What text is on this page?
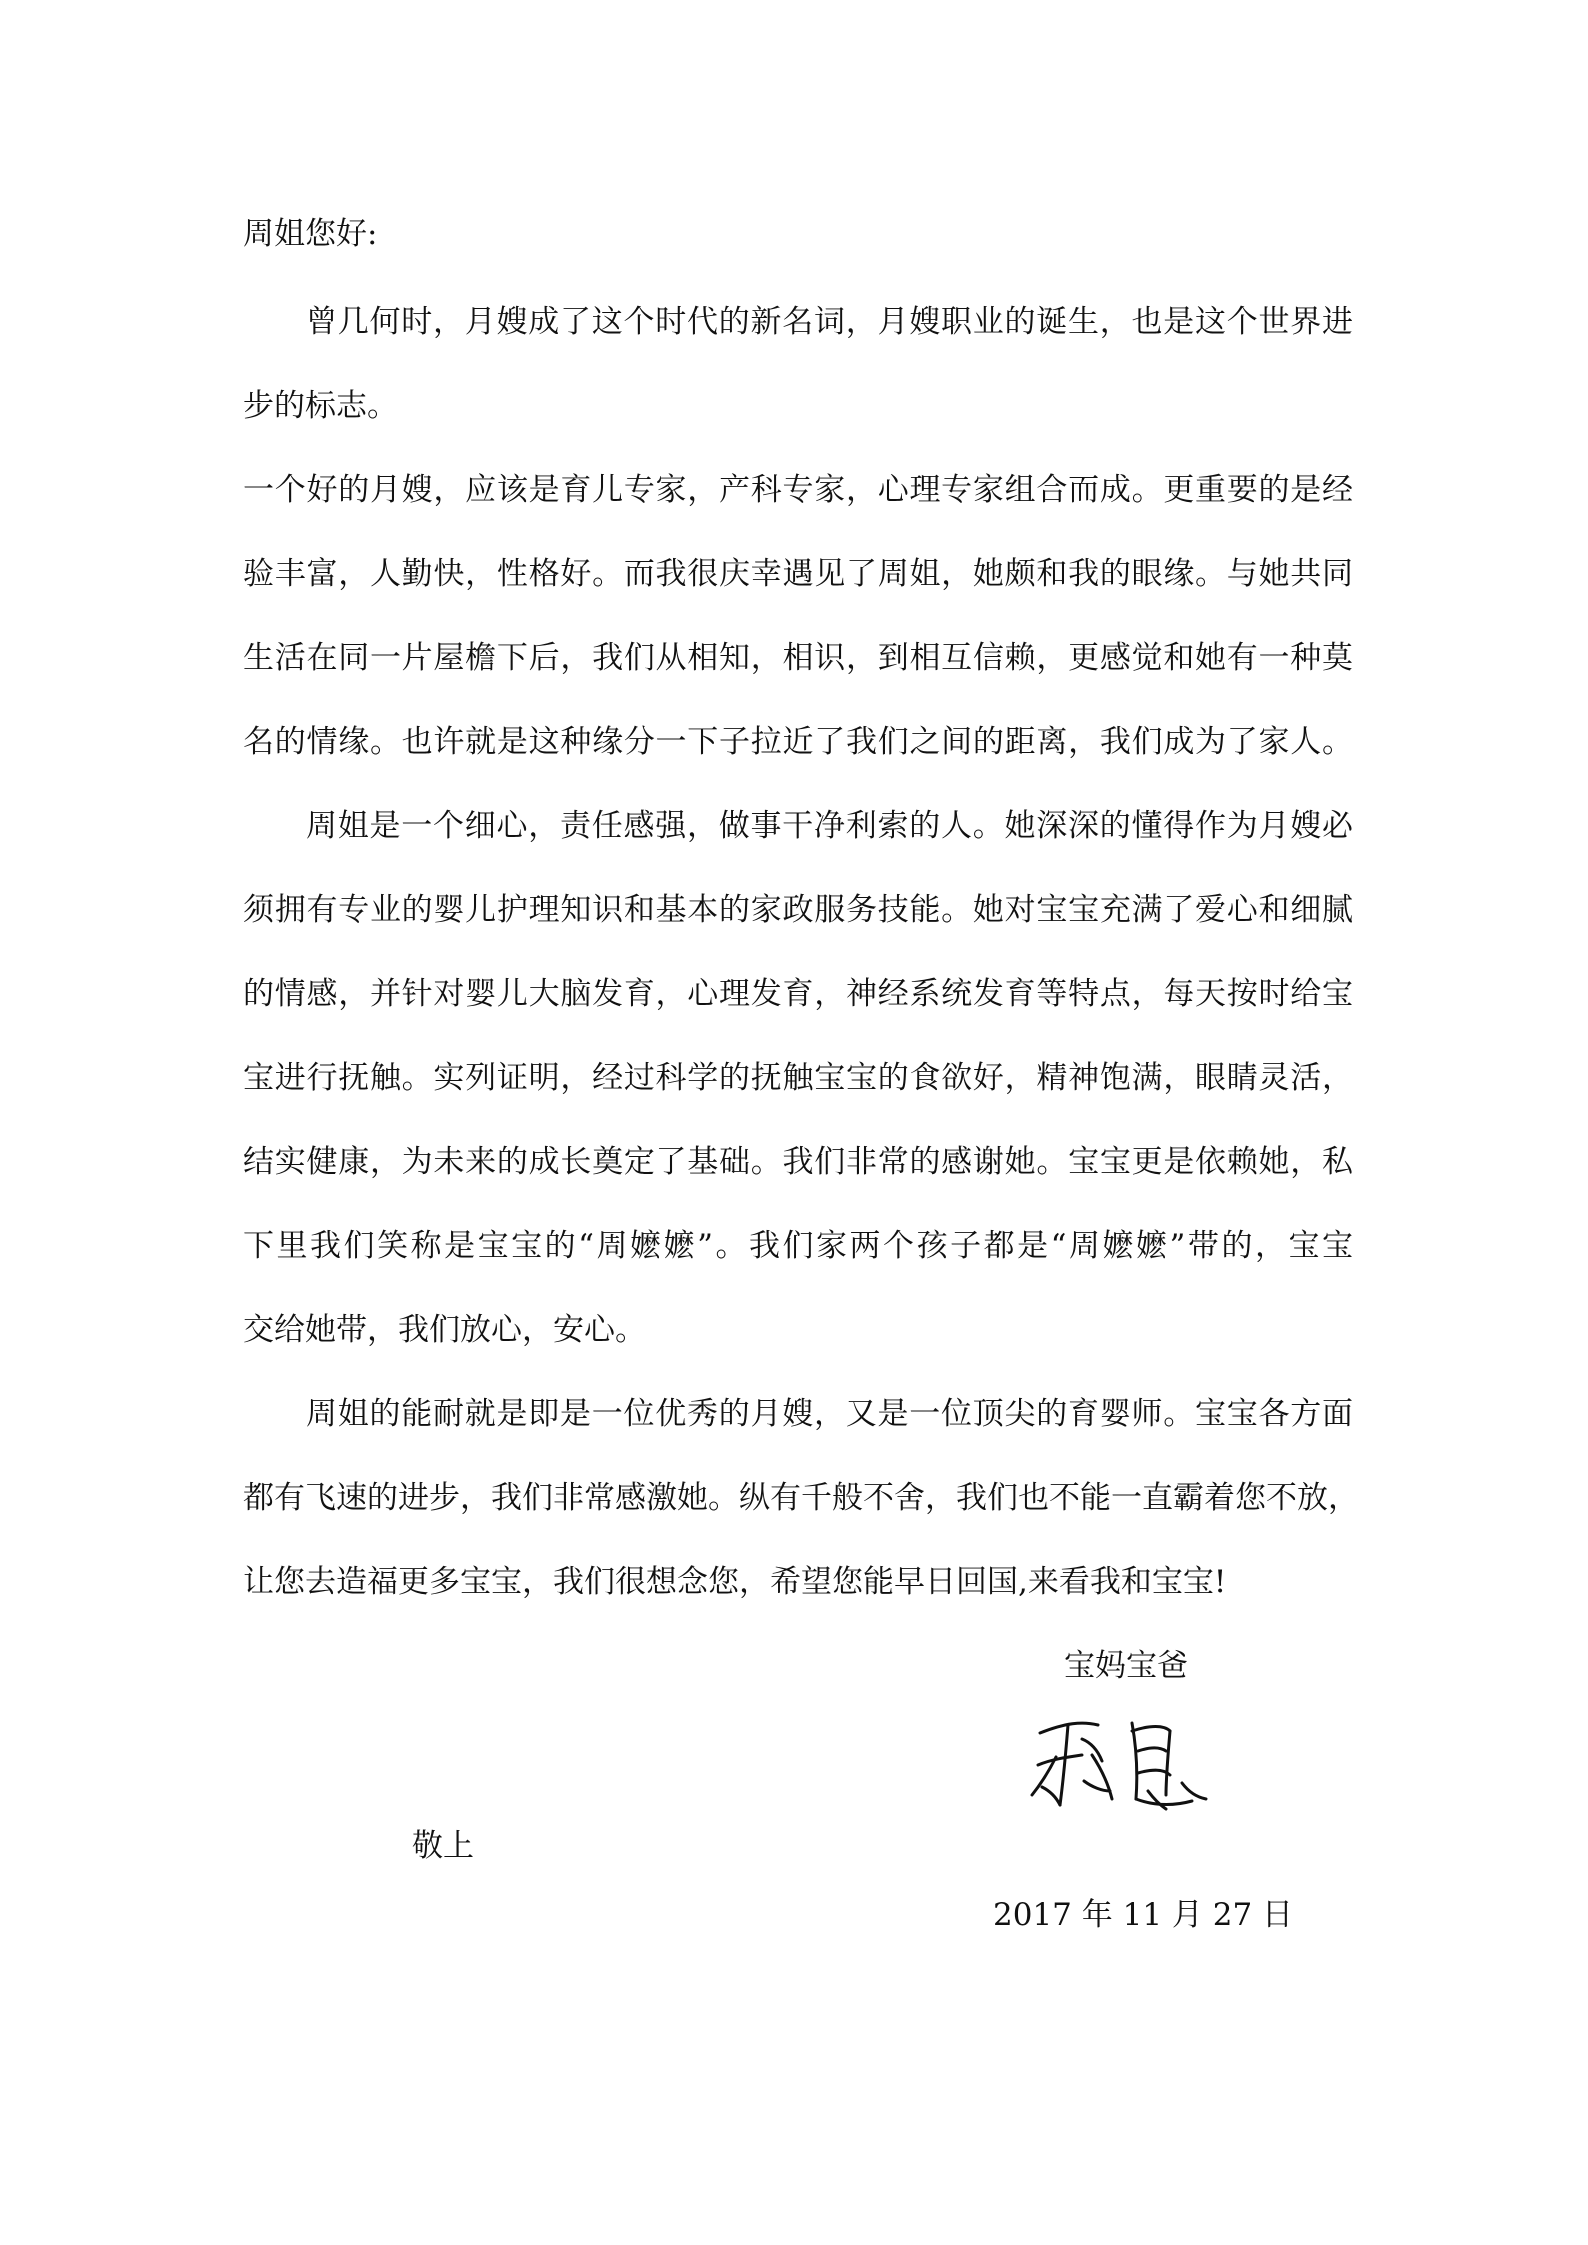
周姐您好:
曾几何时，月嫂成了这个时代的新名词，月嫂职业的诞生，也是这个世界进
步的标志。
一个好的月嫂，应该是育儿专家，产科专家，心理专家组合而成。更重要的是经
验丰富，人勤快，性格好。而我很庆幸遇见了周姐，她颇和我的眼缘。与她共同
生活在同一片屋檐下后，我们从相知，相识，到相互信赖，更感觉和她有一种莫
名的情缘。也许就是这种缘分一下子拉近了我们之间的距离，我们成为了家人。
周姐是一个细心，责任感强，做事干净利索的人。她深深的懂得作为月嫂必
须拥有专业的婴儿护理知识和基本的家政服务技能。她对宝宝充满了爱心和细腻
的情感，并针对婴儿大脑发育，心理发育，神经系统发育等特点，每天按时给宝
宝进行抚触。实列证明，经过科学的抚触宝宝的食欲好，精神饱满，眼睛灵活，
结实健康，为未来的成长奠定了基础。我们非常的感谢她。宝宝更是依赖她，私
下里我们笑称是宝宝的“周嬷嬷”。我们家两个孩子都是“周嬷嬷”带的，宝宝
交给她带，我们放心，安心。
周姐的能耐就是即是一位优秀的月嫂，又是一位顶尖的育婴师。宝宝各方面
都有飞速的进步，我们非常感激她。纵有千般不舍，我们也不能一直霸着您不放，
让您去造福更多宝宝，我们很想念您，希望您能早日回国,来看我和宝宝!
宝妈宝爸
敬上
2017 年 11 月 27 日
